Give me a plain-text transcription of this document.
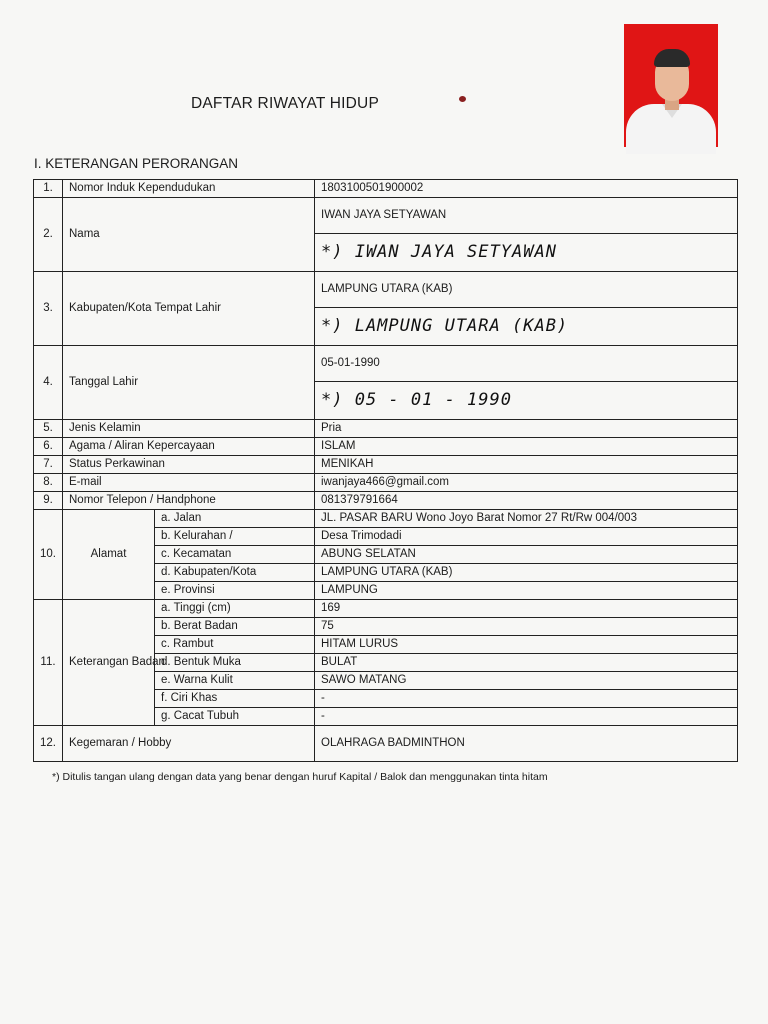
DAFTAR RIWAYAT HIDUP
I. KETERANGAN PERORANGAN
1.	Nomor Induk Kependudukan		1803100501900002
2.	Nama		IWAN JAYA SETYAWAN
			*) IWAN JAYA SETYAWAN
3.	Kabupaten/Kota Tempat Lahir		LAMPUNG UTARA (KAB)
			*) LAMPUNG UTARA (KAB)
4.	Tanggal Lahir		05-01-1990
			*) 05 - 01 - 1990
5.	Jenis Kelamin		Pria
6.	Agama / Aliran Kepercayaan		ISLAM
7.	Status Perkawinan		MENIKAH
8.	E-mail		iwanjaya466@gmail.com
9.	Nomor Telepon / Handphone		081379791664
10.	Alamat	a. Jalan	JL. PASAR BARU Wono Joyo Barat Nomor 27 Rt/Rw 004/003
		b. Kelurahan /	Desa Trimodadi
		c. Kecamatan	ABUNG SELATAN
		d. Kabupaten/Kota	LAMPUNG UTARA (KAB)
		e. Provinsi	LAMPUNG
11.	Keterangan Badan	a. Tinggi (cm)	169
		b. Berat Badan	75
		c. Rambut	HITAM LURUS
		d. Bentuk Muka	BULAT
		e. Warna Kulit	SAWO MATANG
		f. Ciri Khas	-
		g. Cacat Tubuh	-
12.	Kegemaran / Hobby		OLAHRAGA BADMINTHON
*) Ditulis tangan ulang dengan data yang benar dengan huruf Kapital / Balok dan menggunakan tinta hitam
